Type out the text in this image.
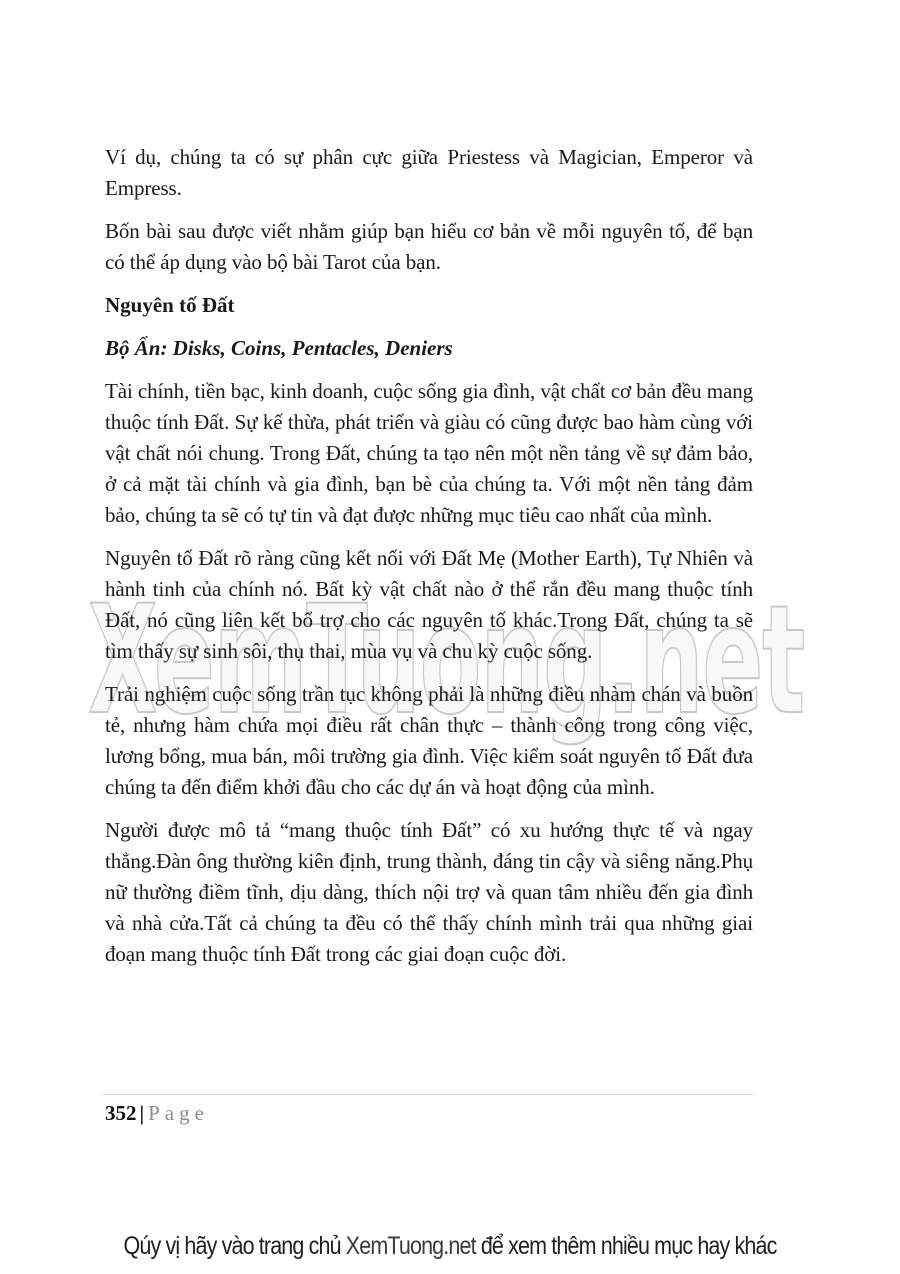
XemTuong.net

Ví dụ, chúng ta có sự phân cực giữa Priestess và Magician, Emperor và Empress.

Bốn bài sau được viết nhằm giúp bạn hiểu cơ bản về mỗi nguyên tố, để bạn có thể áp dụng vào bộ bài Tarot của bạn.

Nguyên tố Đất
Bộ Ẩn: Disks, Coins, Pentacles, Deniers

Tài chính, tiền bạc, kinh doanh, cuộc sống gia đình, vật chất cơ bản đều mang thuộc tính Đất. Sự kế thừa, phát triển và giàu có cũng được bao hàm cùng với vật chất nói chung. Trong Đất, chúng ta tạo nên một nền tảng về sự đảm bảo, ở cả mặt tài chính và gia đình, bạn bè của chúng ta. Với một nền tảng đảm bảo, chúng ta sẽ có tự tin và đạt được những mục tiêu cao nhất của mình.

Nguyên tố Đất rõ ràng cũng kết nối với Đất Mẹ (Mother Earth), Tự Nhiên và hành tinh của chính nó. Bất kỳ vật chất nào ở thể rắn đều mang thuộc tính Đất, nó cũng liên kết bổ trợ cho các nguyên tố khác.Trong Đất, chúng ta sẽ tìm thấy sự sinh sôi, thụ thai, mùa vụ và chu kỳ cuộc sống.

Trải nghiệm cuộc sống trần tục không phải là những điều nhàm chán và buồn tẻ, nhưng hàm chứa mọi điều rất chân thực – thành công trong công việc, lương bổng, mua bán, môi trường gia đình. Việc kiểm soát nguyên tố Đất đưa chúng ta đến điểm khởi đầu cho các dự án và hoạt động của mình.

Người được mô tả “mang thuộc tính Đất” có xu hướng thực tế và ngay thẳng.Đàn ông thường kiên định, trung thành, đáng tin cậy và siêng năng.Phụ nữ thường điềm tĩnh, dịu dàng, thích nội trợ và quan tâm nhiều đến gia đình và nhà cửa.Tất cả chúng ta đều có thể thấy chính mình trải qua những giai đoạn mang thuộc tính Đất trong các giai đoạn cuộc đời.

352 | Page
Qúy vị hãy vào trang chủ XemTuong.net để xem thêm nhiều mục hay khác
